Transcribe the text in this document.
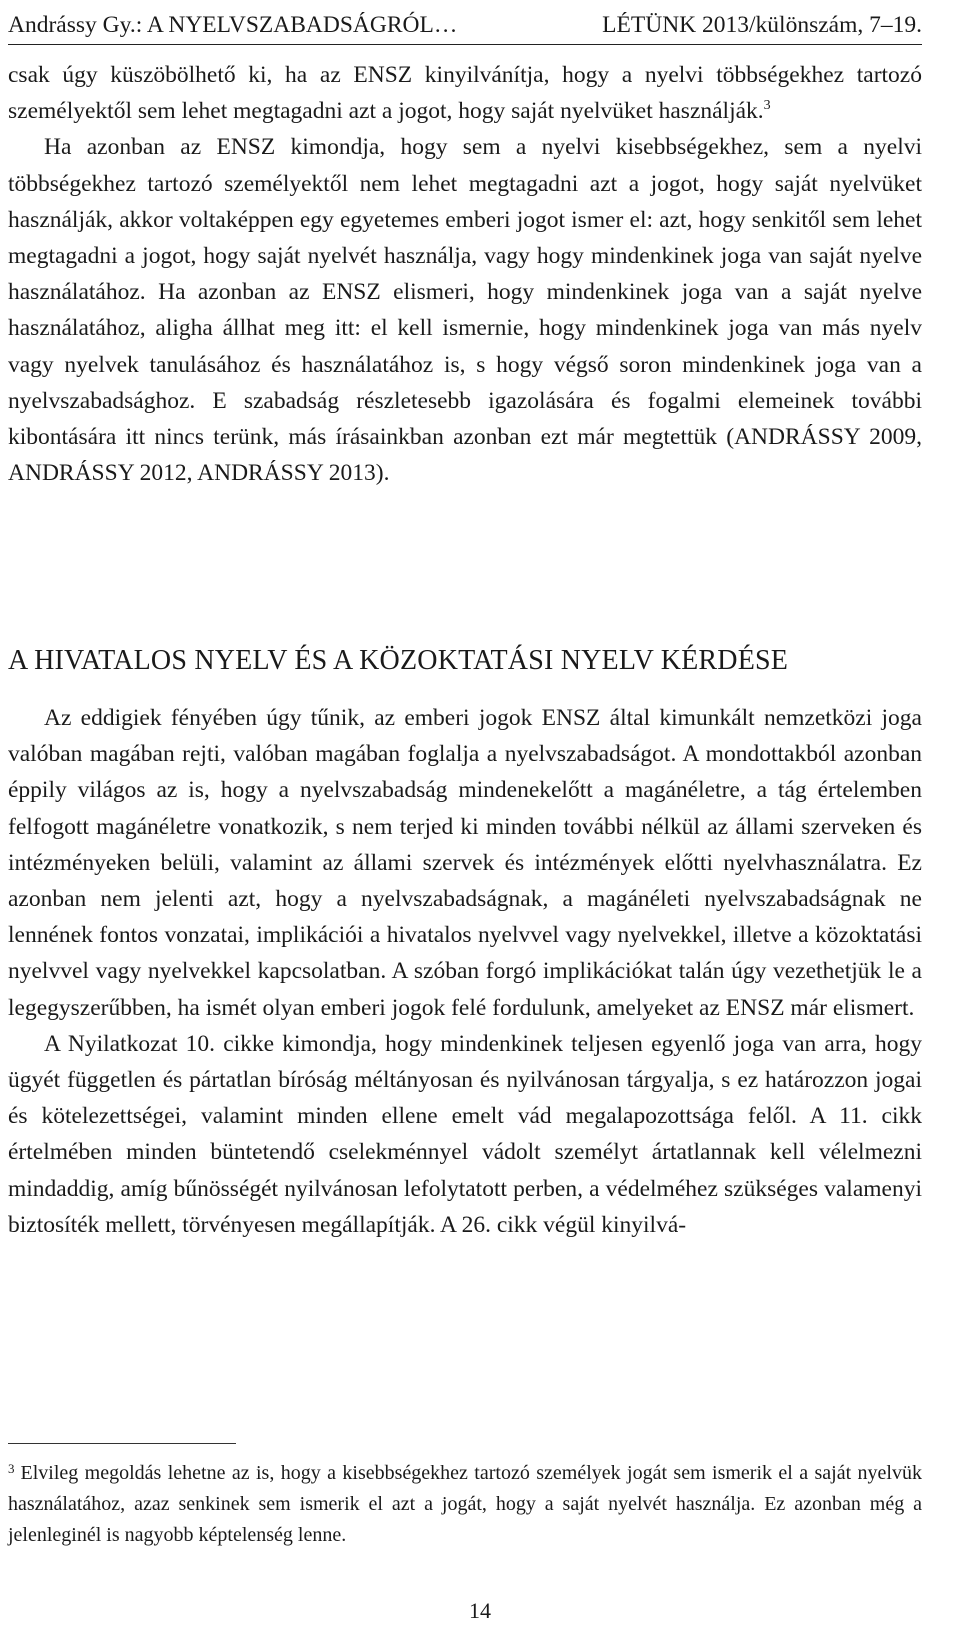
Andrássy Gy.: A NYELVSZABADSÁGRÓL…	LÉTÜNK 2013/különszám, 7–19.

csak úgy küszöbölhető ki, ha az ENSZ kinyilvánítja, hogy a nyelvi többségekhez tartozó személyektől sem lehet megtagadni azt a jogot, hogy saját nyelvüket használják.$^3$

Ha azonban az ENSZ kimondja, hogy sem a nyelvi kisebbségekhez, sem a nyelvi többségekhez tartozó személyektől nem lehet megtagadni azt a jogot, hogy saját nyelvüket használják, akkor voltaképpen egy egyetemes emberi jogot ismer el: azt, hogy senkitől sem lehet megtagadni a jogot, hogy saját nyelvét használja, vagy hogy mindenkinek joga van saját nyelve használatához. Ha azonban az ENSZ elismeri, hogy mindenkinek joga van a saját nyelve használatához, aligha állhat meg itt: el kell ismernie, hogy mindenkinek joga van más nyelv vagy nyelvek tanulásához és használatához is, s hogy végső soron mindenkinek joga van a nyelvszabadsághoz. E szabadság részletesebb igazolására és fogalmi elemeinek további kibontására itt nincs terünk, más írásainkban azonban ezt már megtettük (ANDRÁSSY 2009, ANDRÁSSY 2012, ANDRÁSSY 2013).

A HIVATALOS NYELV ÉS A KÖZOKTATÁSI NYELV KÉRDÉSE

Az eddigiek fényében úgy tűnik, az emberi jogok ENSZ által kimunkált nemzetközi joga valóban magában rejti, valóban magában foglalja a nyelvszabadságot. A mondottakból azonban éppily világos az is, hogy a nyelvszabadság mindenekelőtt a magánéletre, a tág értelemben felfogott magánéletre vonatkozik, s nem terjed ki minden további nélkül az állami szerveken és intézményeken belüli, valamint az állami szervek és intézmények előtti nyelvhasználatra. Ez azonban nem jelenti azt, hogy a nyelvszabadságnak, a magánéleti nyelvszabadságnak ne lennének fontos vonzatai, implikációi a hivatalos nyelvvel vagy nyelvekkel, illetve a közoktatási nyelvvel vagy nyelvekkel kapcsolatban. A szóban forgó implikációkat talán úgy vezethetjük le a legegyszerűbben, ha ismét olyan emberi jogok felé fordulunk, amelyeket az ENSZ már elismert.

A Nyilatkozat 10. cikke kimondja, hogy mindenkinek teljesen egyenlő joga van arra, hogy ügyét független és pártatlan bíróság méltányosan és nyilvánosan tárgyalja, s ez határozzon jogai és kötelezettségei, valamint minden ellene emelt vád megalapozottsága felől. A 11. cikk értelmében minden büntetendő cselekménnyel vádolt személyt ártatlannak kell vélelmezni mindaddig, amíg bűnösségét nyilvánosan lefolytatott perben, a védelméhez szükséges valamenyi biztosíték mellett, törvényesen megállapítják. A 26. cikk végül kinyilvá-

$^3$ Elvileg megoldás lehetne az is, hogy a kisebbségekhez tartozó személyek jogát sem ismerik el a saját nyelvük használatához, azaz senkinek sem ismerik el azt a jogát, hogy a saját nyelvét használja. Ez azonban még a jelenleginél is nagyobb képtelenség lenne.
14
